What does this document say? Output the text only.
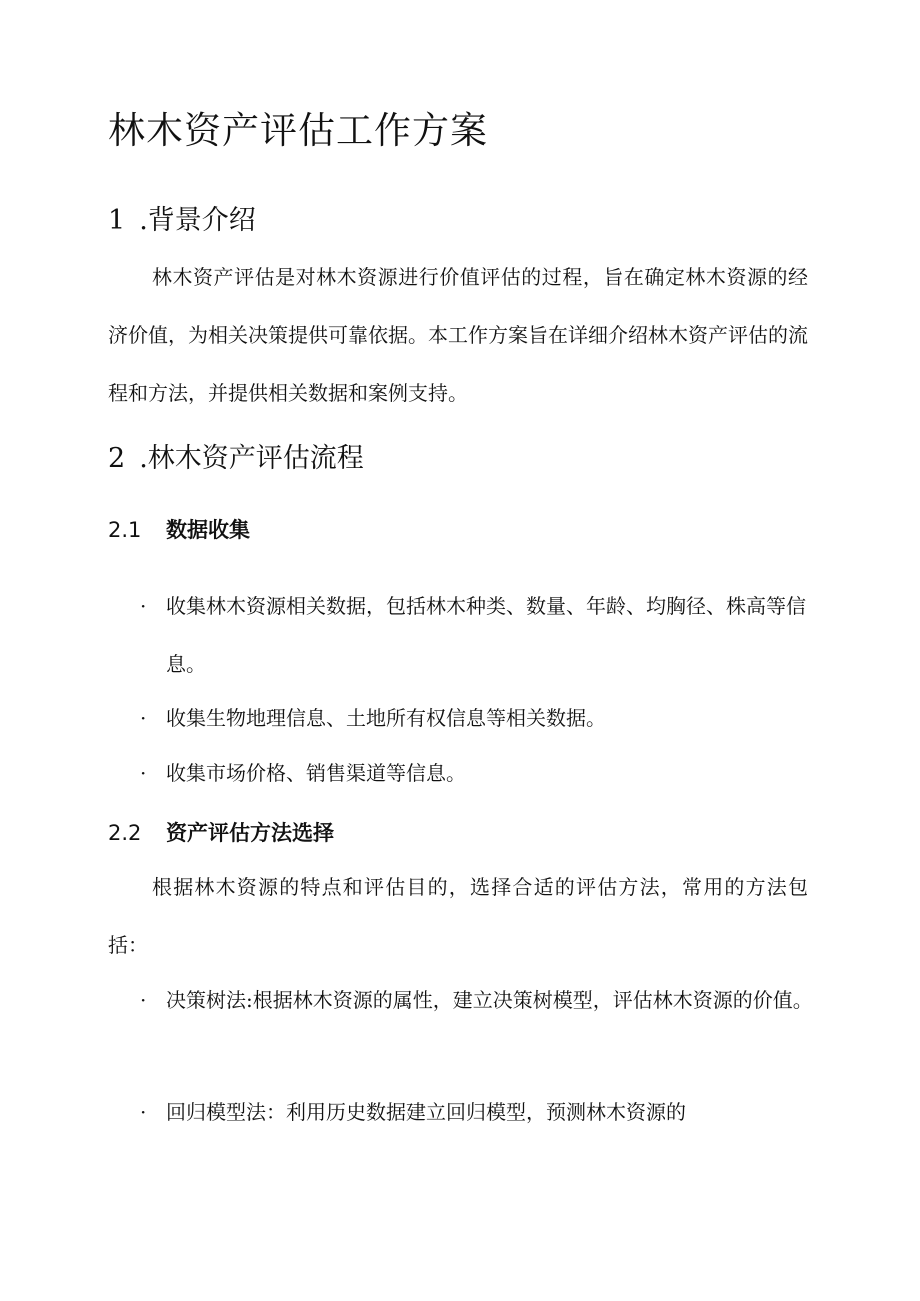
林木资产评估工作方案
1 .背景介绍

林木资产评估是对林木资源进行价值评估的过程，旨在确定林木资源的经济价值，为相关决策提供可靠依据。本工作方案旨在详细介绍林木资产评估的流程和方法，并提供相关数据和案例支持。

2 .林木资产评估流程
2.1 数据收集
· 收集林木资源相关数据，包括林木种类、数量、年龄、均胸径、株高等信息。
· 收集生物地理信息、土地所有权信息等相关数据。
· 收集市场价格、销售渠道等信息。
2.2 资产评估方法选择

根据林木资源的特点和评估目的，选择合适的评估方法，常用的方法包括：

· 决策树法:根据林木资源的属性，建立决策树模型，评估林木资源的价值。
· 回归模型法：利用历史数据建立回归模型，预测林木资源的
